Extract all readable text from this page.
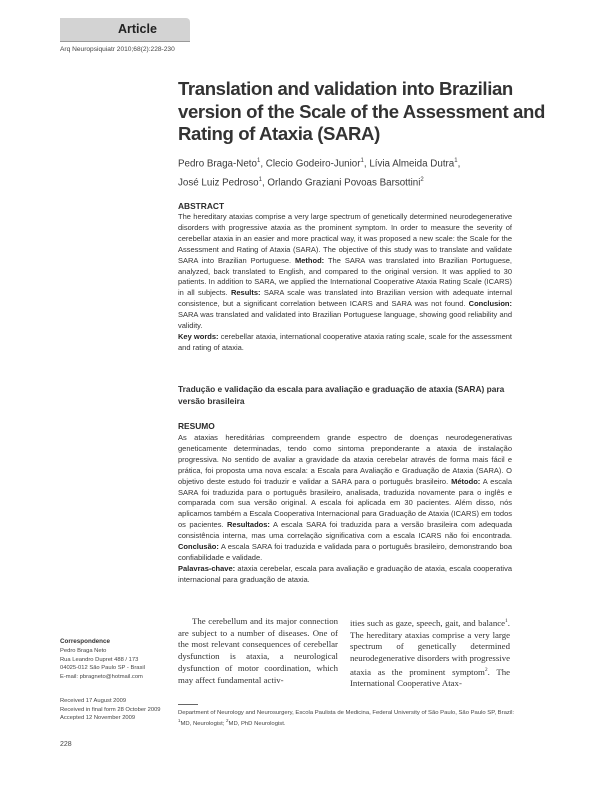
Article
Arq Neuropsiquiatr 2010;68(2):228-230
Translation and validation into Brazilian version of the Scale of the Assessment and Rating of Ataxia (SARA)
Pedro Braga-Neto$^1$, Clecio Godeiro-Junior$^1$, Lívia Almeida Dutra$^1$,
José Luiz Pedroso$^1$, Orlando Graziani Povoas Barsottini$^2$
ABSTRACT
The hereditary ataxias comprise a very large spectrum of genetically determined neurodegenerative disorders with progressive ataxia as the prominent symptom. In order to measure the severity of cerebellar ataxia in an easier and more practical way, it was proposed a new scale: the Scale for the Assessment and Rating of Ataxia (SARA). The objective of this study was to translate and validate SARA into Brazilian Portuguese. Method: The SARA was translated into Brazilian Portuguese, analyzed, back translated to English, and compared to the original version. It was applied to 30 patients. In addition to SARA, we applied the International Cooperative Ataxia Rating Scale (ICARS) in all subjects. Results: SARA scale was translated into Brazilian version with adequate internal consistence, but a significant correlation between ICARS and SARA was not found. Conclusion: SARA was translated and validated into Brazilian Portuguese language, showing good reliability and validity.
Key words: cerebellar ataxia, international cooperative ataxia rating scale, scale for the assessment and rating of ataxia.
Tradução e validação da escala para avaliação e graduação de ataxia (SARA) para versão brasileira
RESUMO
As ataxias hereditárias compreendem grande espectro de doenças neurodegenerativas geneticamente determinadas, tendo como sintoma preponderante a ataxia de instalação progressiva. No sentido de avaliar a gravidade da ataxia cerebelar através de forma mais fácil e prática, foi proposta uma nova escala: a Escala para Avaliação e Graduação de Ataxia (SARA). O objetivo deste estudo foi traduzir e validar a SARA para o português brasileiro. Método: A escala SARA foi traduzida para o português brasileiro, analisada, traduzida novamente para o inglês e comparada com sua versão original. A escala foi aplicada em 30 pacientes. Além disso, nós aplicamos também a Escala Cooperativa Internacional para Graduação de Ataxia (ICARS) em todos os pacientes. Resultados: A escala SARA foi traduzida para a versão brasileira com adequada consistência interna, mas uma correlação significativa com a escala ICARS não foi encontrada. Conclusão: A escala SARA foi traduzida e validada para o português brasileiro, demonstrando boa confiabilidade e validade.
Palavras-chave: ataxia cerebelar, escala para avaliação e graduação de ataxia, escala cooperativa internacional para graduação de ataxia.
The cerebellum and its major connection are subject to a number of diseases. One of the most relevant consequences of cerebellar dysfunction is ataxia, a neurological dysfunction of motor coordination, which may affect fundamental activ-
ities such as gaze, speech, gait, and balance$^1$. The hereditary ataxias comprise a very large spectrum of genetically determined neurodegenerative disorders with progressive ataxia as the prominent symptom$^2$. The International Cooperative Atax-
Correspondence
Pedro Braga Neto
Rua Leandro Dupret 488 / 173
04025-012 São Paulo SP - Brasil
E-mail: pbragneto@hotmail.com
Received 17 August 2009
Received in final form 28 October 2009
Accepted 12 November 2009
Department of Neurology and Neurosurgery, Escola Paulista de Medicina, Federal University of São Paulo, São Paulo SP, Brazil: $^1$MD, Neurologist; $^2$MD, PhD Neurologist.
228
